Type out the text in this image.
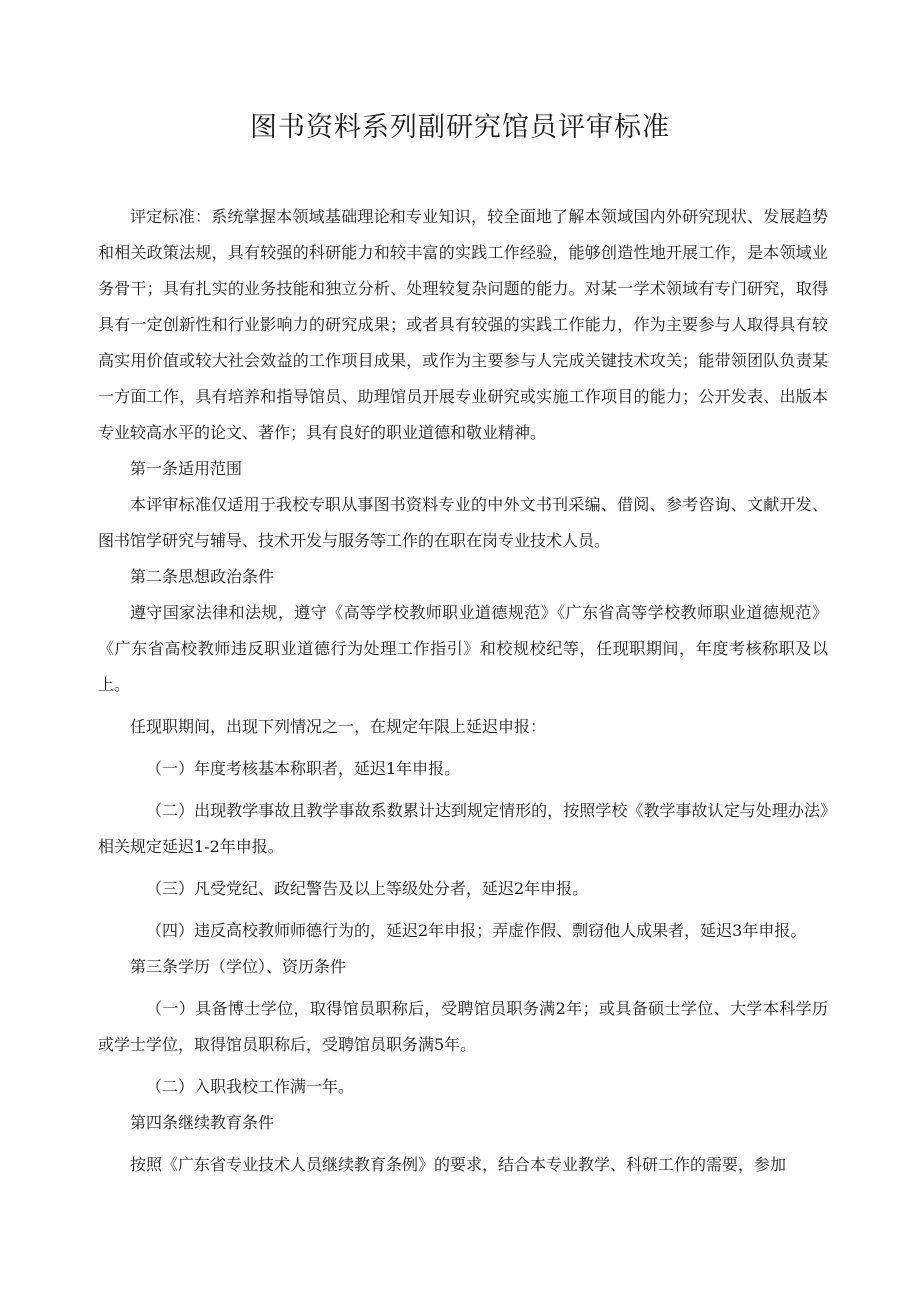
图书资料系列副研究馆员评审标准

评定标准：系统掌握本领域基础理论和专业知识，较全面地了解本领域国内外研究现状、发展趋势和相关政策法规，具有较强的科研能力和较丰富的实践工作经验，能够创造性地开展工作，是本领域业务骨干；具有扎实的业务技能和独立分析、处理较复杂问题的能力。对某一学术领域有专门研究，取得具有一定创新性和行业影响力的研究成果；或者具有较强的实践工作能力，作为主要参与人取得具有较高实用价值或较大社会效益的工作项目成果，或作为主要参与人完成关键技术攻关；能带领团队负责某一方面工作，具有培养和指导馆员、助理馆员开展专业研究或实施工作项目的能力；公开发表、出版本专业较高水平的论文、著作；具有良好的职业道德和敬业精神。

第一条适用范围

本评审标准仅适用于我校专职从事图书资料专业的中外文书刊采编、借阅、参考咨询、文献开发、图书馆学研究与辅导、技术开发与服务等工作的在职在岗专业技术人员。

第二条思想政治条件

遵守国家法律和法规，遵守《高等学校教师职业道德规范》《广东省高等学校教师职业道德规范》《广东省高校教师违反职业道德行为处理工作指引》和校规校纪等，任现职期间，年度考核称职及以上。

任现职期间，出现下列情况之一，在规定年限上延迟申报：

（一）年度考核基本称职者，延迟1年申报。

（二）出现教学事故且教学事故系数累计达到规定情形的，按照学校《教学事故认定与处理办法》相关规定延迟1-2年申报。

（三）凡受党纪、政纪警告及以上等级处分者，延迟2年申报。

（四）违反高校教师师德行为的，延迟2年申报；弄虚作假、剽窃他人成果者，延迟3年申报。

第三条学历（学位）、资历条件

（一）具备博士学位，取得馆员职称后，受聘馆员职务满2年；或具备硕士学位、大学本科学历或学士学位，取得馆员职称后，受聘馆员职务满5年。

（二）入职我校工作满一年。

第四条继续教育条件

按照《广东省专业技术人员继续教育条例》的要求，结合本专业教学、科研工作的需要，参加
